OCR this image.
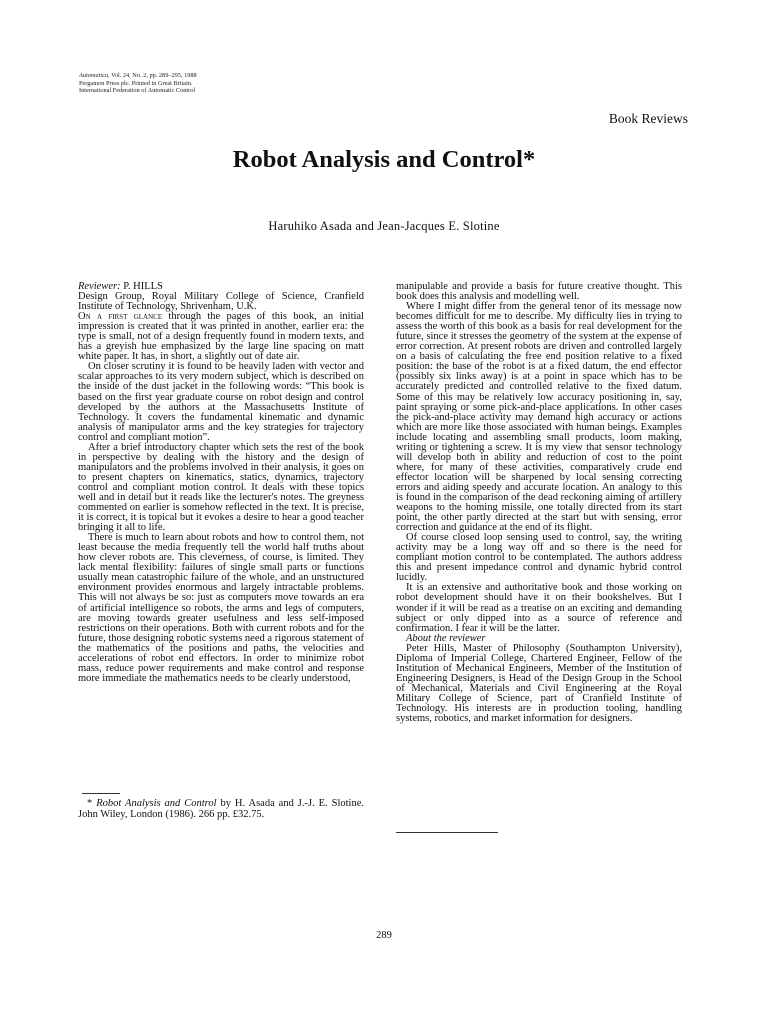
Automatica, Vol. 24, No. 2, pp. 289–295, 1988
Pergamon Press plc. Printed in Great Britain.
International Federation of Automatic Control
Book Reviews
Robot Analysis and Control*
Haruhiko Asada and Jean-Jacques E. Slotine

Reviewer: P. HILLS

Design Group, Royal Military College of Science, Cranfield Institute of Technology, Shrivenham, U.K.

On a first glance through the pages of this book, an initial impression is created that it was printed in another, earlier era: the type is small, not of a design frequently found in modern texts, and has a greyish hue emphasized by the large line spacing on matt white paper. It has, in short, a slightly out of date air.

On closer scrutiny it is found to be heavily laden with vector and scalar approaches to its very modern subject, which is described on the inside of the dust jacket in the following words: “This book is based on the first year graduate course on robot design and control developed by the authors at the Massachusetts Institute of Technology. It covers the fundamental kinematic and dynamic analysis of manipulator arms and the key strategies for trajectory control and compliant motion”.

After a brief introductory chapter which sets the rest of the book in perspective by dealing with the history and the design of manipulators and the problems involved in their analysis, it goes on to present chapters on kinematics, statics, dynamics, trajectory control and compliant motion control. It deals with these topics well and in detail but it reads like the lecturer's notes. The greyness commented on earlier is somehow reflected in the text. It is precise, it is correct, it is topical but it evokes a desire to hear a good teacher bringing it all to life.

There is much to learn about robots and how to control them, not least because the media frequently tell the world half truths about how clever robots are. This cleverness, of course, is limited. They lack mental flexibility: failures of single small parts or functions usually mean catastrophic failure of the whole, and an unstructured environment provides enormous and largely intractable problems. This will not always be so: just as computers move towards an era of artificial intelligence so robots, the arms and legs of computers, are moving towards greater usefulness and less self-imposed restrictions on their operations. Both with current robots and for the future, those designing robotic systems need a rigorous statement of the mathematics of the positions and paths, the velocities and accelerations of robot end effectors. In order to minimize robot mass, reduce power requirements and make control and response more immediate the mathematics needs to be clearly understood,

manipulable and provide a basis for future creative thought. This book does this analysis and modelling well.

Where I might differ from the general tenor of its message now becomes difficult for me to describe. My difficulty lies in trying to assess the worth of this book as a basis for real development for the future, since it stresses the geometry of the system at the expense of error correction. At present robots are driven and controlled largely on a basis of calculating the free end position relative to a fixed position: the base of the robot is at a fixed datum, the end effector (possibly six links away) is at a point in space which has to be accurately predicted and controlled relative to the fixed datum. Some of this may be relatively low accuracy positioning in, say, paint spraying or some pick-and-place applications. In other cases the pick-and-place activity may demand high accuracy or actions which are more like those associated with human beings. Examples include locating and assembling small products, loom making, writing or tightening a screw. It is my view that sensor technology will develop both in ability and reduction of cost to the point where, for many of these activities, comparatively crude end effector location will be sharpened by local sensing correcting errors and aiding speedy and accurate location. An analogy to this is found in the comparison of the dead reckoning aiming of artillery weapons to the homing missile, one totally directed from its start point, the other partly directed at the start but with sensing, error correction and guidance at the end of its flight.

Of course closed loop sensing used to control, say, the writing activity may be a long way off and so there is the need for compliant motion control to be contemplated. The authors address this and present impedance control and dynamic hybrid control lucidly.

It is an extensive and authoritative book and those working on robot development should have it on their bookshelves. But I wonder if it will be read as a treatise on an exciting and demanding subject or only dipped into as a source of reference and confirmation. I fear it will be the latter.

About the reviewer

Peter Hills, Master of Philosophy (Southampton University), Diploma of Imperial College, Chartered Engineer, Fellow of the Institution of Mechanical Engineers, Member of the Institution of Engineering Designers, is Head of the Design Group in the School of Mechanical, Materials and Civil Engineering at the Royal Military College of Science, part of Cranfield Institute of Technology. His interests are in production tooling, handling systems, robotics, and market information for designers.

* Robot Analysis and Control by H. Asada and J.-J. E. Slotine. John Wiley, London (1986). 266 pp. £32.75.
289
